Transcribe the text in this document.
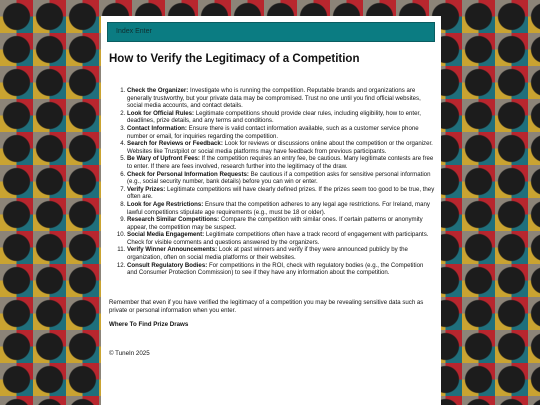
Index Enter
How to Verify the Legitimacy of a Competition
1. Check the Organizer: Investigate who is running the competition. Reputable brands and organizations are generally trustworthy, but your private data may be compromised. Trust no one until you find official websites, social media accounts, and contact details.
2. Look for Official Rules: Legitimate competitions should provide clear rules, including eligibility, how to enter, deadlines, prize details, and any terms and conditions.
3. Contact Information: Ensure there is valid contact information available, such as a customer service phone number or email, for inquiries regarding the competition.
4. Search for Reviews or Feedback: Look for reviews or discussions online about the competition or the organizer. Websites like Trustpilot or social media platforms may have feedback from previous participants.
5. Be Wary of Upfront Fees: If the competition requires an entry fee, be cautious. Many legitimate contests are free to enter. If there are fees involved, research further into the legitimacy of the draw.
6. Check for Personal Information Requests: Be cautious if a competition asks for sensitive personal information (e.g., social security number, bank details) before you can win or enter.
7. Verify Prizes: Legitimate competitions will have clearly defined prizes. If the prizes seem too good to be true, they often are.
8. Look for Age Restrictions: Ensure that the competition adheres to any legal age restrictions. For Ireland, many lawful competitions stipulate age requirements (e.g., must be 18 or older).
9. Research Similar Competitions: Compare the competition with similar ones. If certain patterns or anonymity appear, the competition may be suspect.
10. Social Media Engagement: Legitimate competitions often have a track record of engagement with participants. Check for visible comments and questions answered by the organizers.
11. Verify Winner Announcements: Look at past winners and verify if they were announced publicly by the organization, often on social media platforms or their websites.
12. Consult Regulatory Bodies: For competitions in the ROI, check with regulatory bodies (e.g., the Competition and Consumer Protection Commission) to see if they have any information about the competition.

Remember that even if you have verified the legitimacy of a competition you may be revealing sensitive data such as private or personal information when you enter.

Where To Find Prize Draws
© TuneIn 2025
